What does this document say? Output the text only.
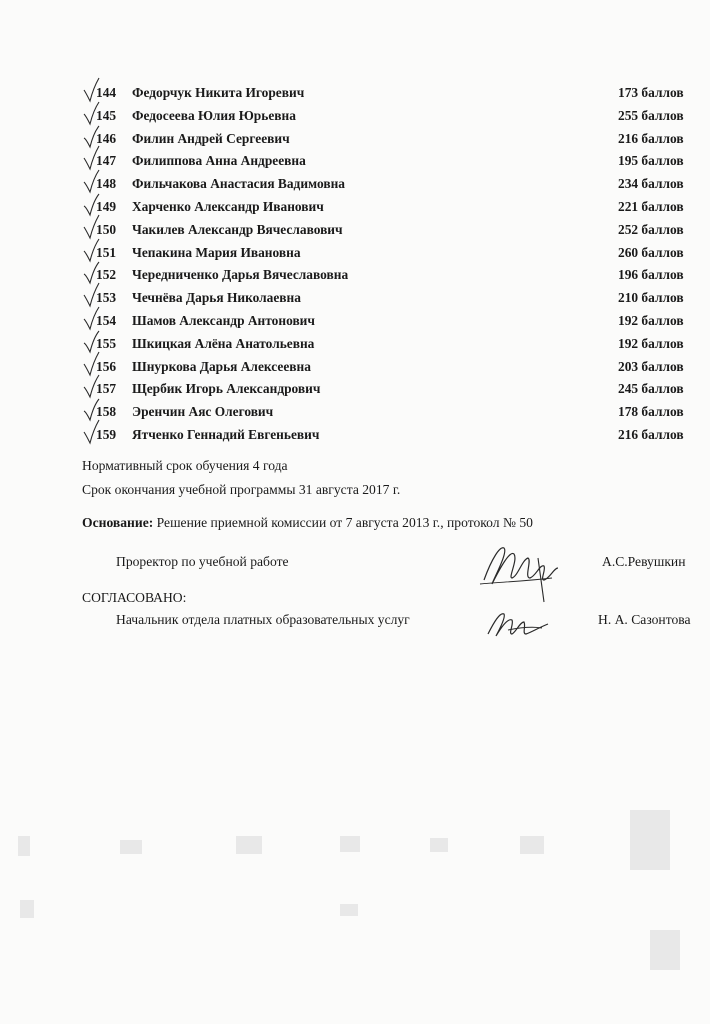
144	Федорчук Никита Игоревич	173 баллов
145	Федосеева Юлия Юрьевна	255 баллов
146	Филин Андрей Сергеевич	216 баллов
147	Филиппова Анна Андреевна	195 баллов
148	Фильчакова Анастасия Вадимовна	234 баллов
149	Харченко Александр Иванович	221 баллов
150	Чакилев Александр Вячеславович	252 баллов
151	Чепакина Мария Ивановна	260 баллов
152	Чередниченко Дарья Вячеславовна	196 баллов
153	Чечнёва Дарья Николаевна	210 баллов
154	Шамов Александр Антонович	192 баллов
155	Шкицкая Алёна Анатольевна	192 баллов
156	Шнуркова Дарья Алексеевна	203 баллов
157	Щербик Игорь Александрович	245 баллов
158	Эренчин Аяс Олегович	178 баллов
159	Ятченко Геннадий Евгеньевич	216 баллов
Нормативный срок обучения 4 года
Срок окончания учебной программы 31 августа 2017 г.
Основание: Решение приемной комиссии от 7 августа 2013 г., протокол № 50
Проректор по учебной работе	А.С.Ревушкин
СОГЛАСОВАНО:
Начальник отдела платных образовательных услуг	Н. А. Сазонтова
